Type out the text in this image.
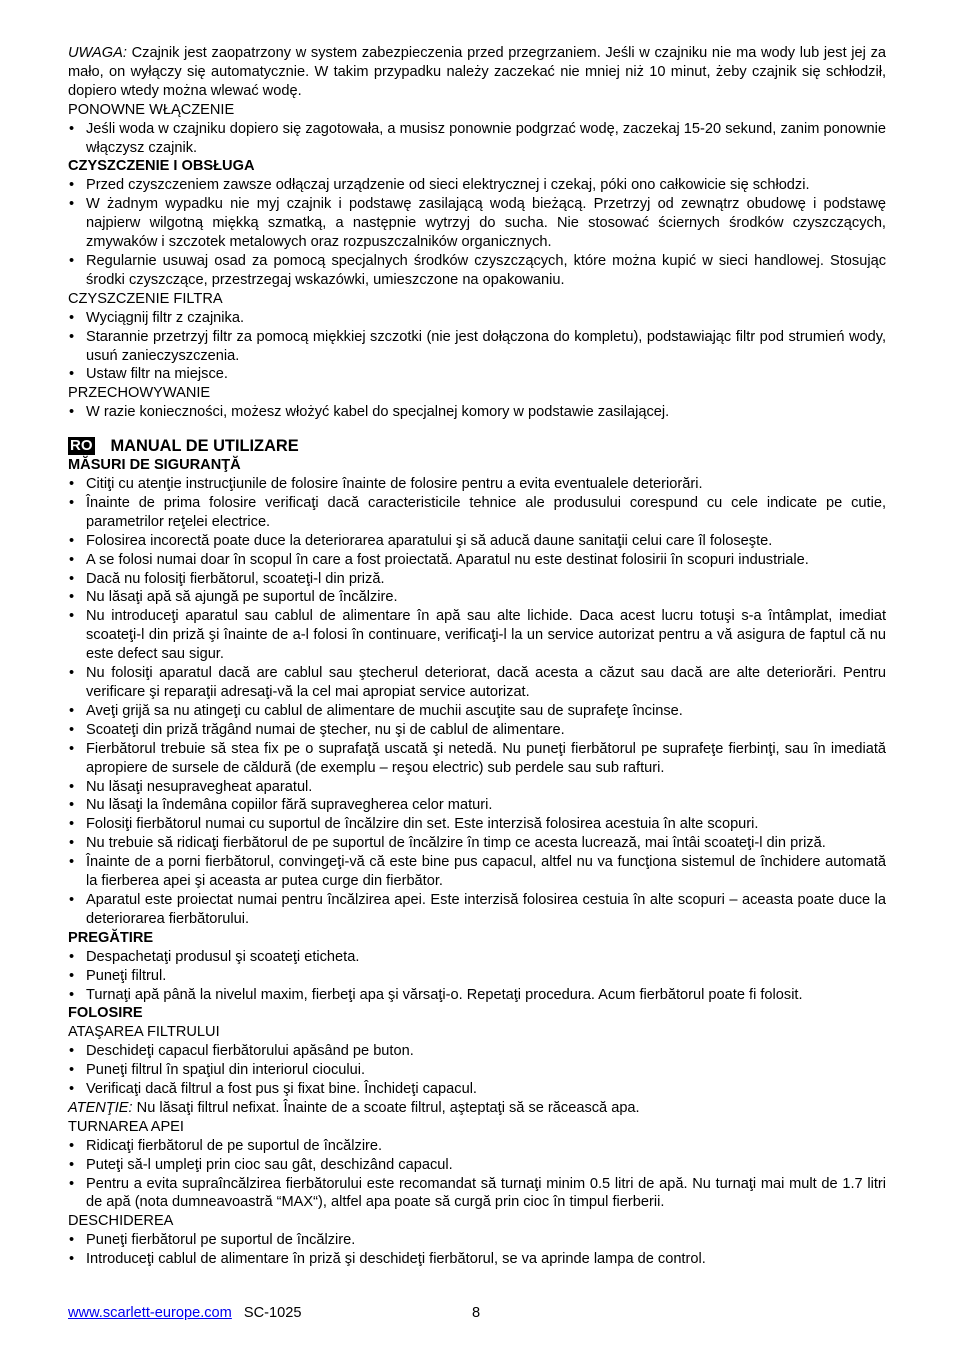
UWAGA: Czajnik jest zaopatrzony w system zabezpieczenia przed przegrzaniem. Jeśli w czajniku nie ma wody lub jest jej za mało, on wyłączy się automatycznie. W takim przypadku należy zaczekać nie mniej niż 10 minut, żeby czajnik się schłodził, dopiero wtedy można wlewać wodę.

PONOWNE WŁĄCZENIE

• Jeśli woda w czajniku dopiero się zagotowała, a musisz ponownie podgrzać wodę, zaczekaj 15-20 sekund, zanim ponownie włączysz czajnik.

CZYSZCZENIE I OBSŁUGA

• Przed czyszczeniem zawsze odłączaj urządzenie od sieci elektrycznej i czekaj, póki ono całkowicie się schłodzi.
• W żadnym wypadku nie myj czajnik i podstawę zasilającą wodą bieżącą. Przetrzyj od zewnątrz obudowę i podstawę najpierw wilgotną miękką szmatką, a następnie wytrzyj do sucha. Nie stosować ściernych środków czyszczących, zmywaków i szczotek metalowych oraz rozpuszczalników organicznych.
• Regularnie usuwaj osad za pomocą specjalnych środków czyszczących, które można kupić w sieci handlowej. Stosując środki czyszczące, przestrzegaj wskazówki, umieszczone na opakowaniu.

CZYSZCZENIE FILTRA

• Wyciągnij filtr z czajnika.
• Starannie przetrzyj filtr za pomocą miękkiej szczotki (nie jest dołączona do kompletu), podstawiając filtr pod strumień wody, usuń zanieczyszczenia.
• Ustaw filtr na miejsce.

PRZECHOWYWANIE

• W razie konieczności, możesz włożyć kabel do specjalnej komory w podstawie zasilającej.
RO MANUAL DE UTILIZARE

MĂSURI DE SIGURANŢĂ

• Citiţi cu atenţie instrucţiunile de folosire înainte de folosire pentru a evita eventualele deteriorări.
• Înainte de prima folosire verificaţi dacă caracteristicile tehnice ale produsului corespund cu cele indicate pe cutie, parametrilor reţelei electrice.
• Folosirea incorectă poate duce la deteriorarea aparatului şi să aducă daune sanitaţii celui care îl foloseşte.
• A se folosi numai doar în scopul în care a fost proiectată. Aparatul nu este destinat folosirii în scopuri industriale.
• Dacă nu folosiţi fierbătorul, scoateţi-l din priză.
• Nu lăsaţi apă să ajungă pe suportul de încălzire.
• Nu introduceţi aparatul sau cablul de alimentare în apă sau alte lichide. Daca acest lucru totuşi s-a întâmplat, imediat scoateţi-l din priză şi înainte de a-l folosi în continuare, verificaţi-l la un service autorizat pentru a vă asigura de faptul că nu este defect sau sigur.
• Nu folosiţi aparatul dacă are cablul sau ştecherul deteriorat, dacă acesta a căzut sau dacă are alte deteriorări. Pentru verificare şi reparaţii adresaţi-vă la cel mai apropiat service autorizat.
• Aveţi grijă sa nu atingeţi cu cablul de alimentare de muchii ascuţite sau de suprafeţe încinse.
• Scoateţi din priză trăgând numai de ştecher, nu şi de cablul de alimentare.
• Fierbătorul trebuie să stea fix pe o suprafaţă uscată şi netedă. Nu puneţi fierbătorul pe suprafeţe fierbinţi, sau în imediată apropiere de sursele de căldură (de exemplu – reşou electric) sub perdele sau sub rafturi.
• Nu lăsaţi nesupravegheat aparatul.
• Nu lăsaţi la îndemâna copiilor fără supravegherea celor maturi.
• Folosiţi fierbătorul numai cu suportul de încălzire din set. Este interzisă folosirea acestuia în alte scopuri.
• Nu trebuie să ridicaţi fierbătorul de pe suportul de încălzire în timp ce acesta lucrează, mai întâi scoateţi-l din priză.
• Înainte de a porni fierbătorul, convingeţi-vă că este bine pus capacul, altfel nu va funcţiona sistemul de închidere automată la fierberea apei şi aceasta ar putea curge din fierbător.
• Aparatul este proiectat numai pentru încălzirea apei. Este interzisă folosirea cestuia în alte scopuri – aceasta poate duce la deteriorarea fierbătorului.

PREGĂTIRE

• Despachetaţi produsul şi scoateţi eticheta.
• Puneţi filtrul.
• Turnaţi apă până la nivelul maxim, fierbeţi apa şi vărsaţi-o. Repetaţi procedura. Acum fierbătorul poate fi folosit.

FOLOSIRE

ATAŞAREA FILTRULUI

• Deschideţi capacul fierbătorului apăsând pe buton.
• Puneţi filtrul în spaţiul din interiorul ciocului.
• Verificaţi dacă filtrul a fost pus şi fixat bine. Închideţi capacul.

ATENŢIE: Nu lăsaţi filtrul nefixat. Înainte de a scoate filtrul, aşteptaţi să se răcească apa.

TURNAREA APEI

• Ridicaţi fierbătorul de pe suportul de încălzire.
• Puteţi să-l umpleţi prin cioc sau gât, deschizând capacul.
• Pentru a evita supraîncălzirea fierbătorului este recomandat să turnaţi minim 0.5 litri de apă. Nu turnaţi mai mult de 1.7 litri de apă (nota dumneavoastră “MAX“), altfel apa poate să curgă prin cioc în timpul fierberii.

DESCHIDEREA

• Puneţi fierbătorul pe suportul de încălzire.
• Introduceţi cablul de alimentare în priză şi deschideţi fierbătorul, se va aprinde lampa de control.
www.scarlett-europe.com SC-1025	8
